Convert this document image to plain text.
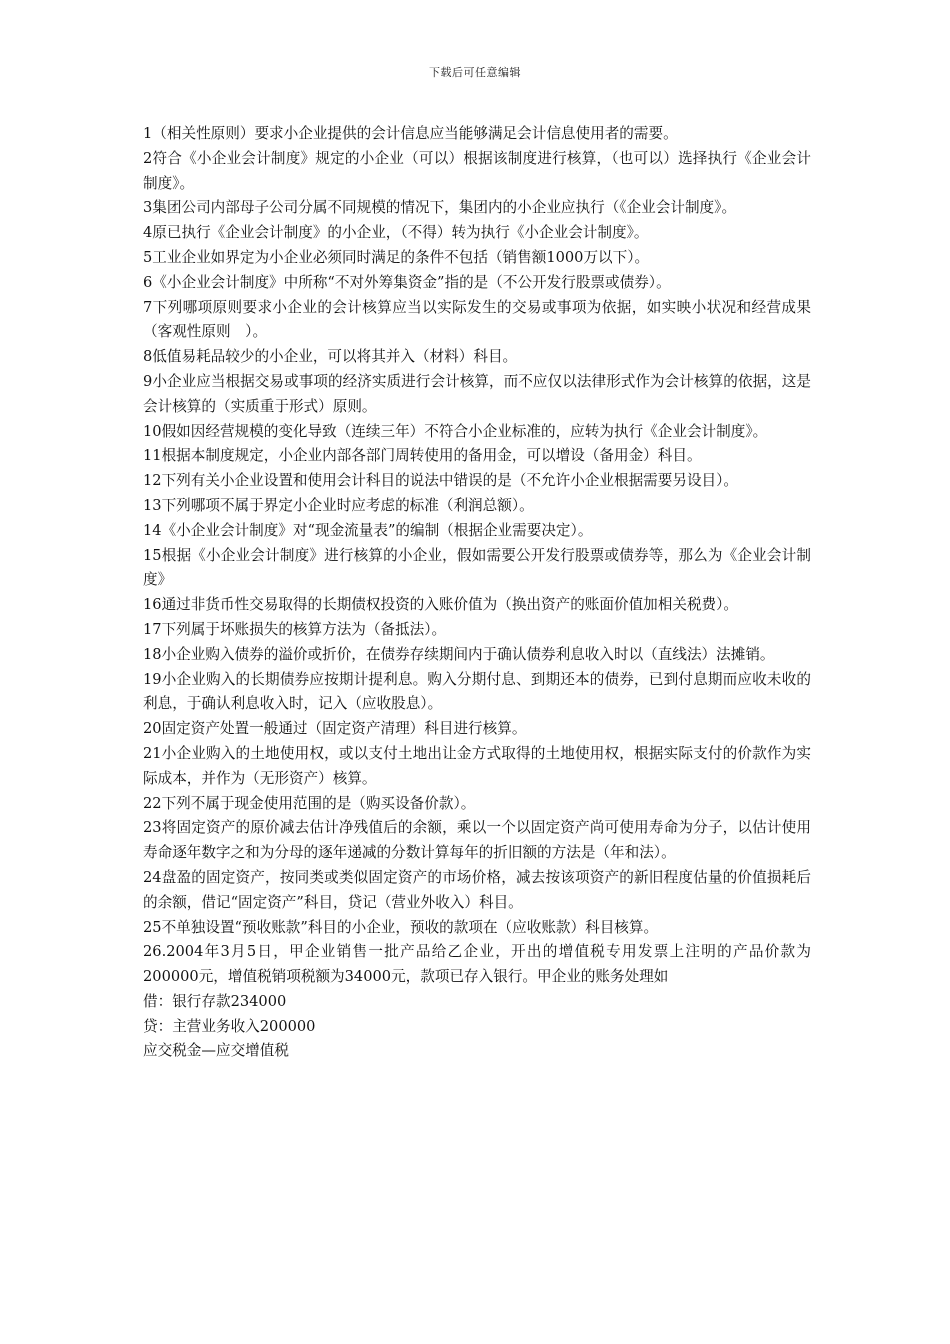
下载后可任意编辑

1（相关性原则）要求小企业提供的会计信息应当能够满足会计信息使用者的需要。

2符合《小企业会计制度》规定的小企业（可以）根据该制度进行核算，（也可以）选择执行《企业会计制度》。

3集团公司内部母子公司分属不同规模的情况下，集团内的小企业应执行（《企业会计制度》。

4原已执行《企业会计制度》的小企业，（不得）转为执行《小企业会计制度》。

5工业企业如界定为小企业必须同时满足的条件不包括（销售额1000万以下）。

6《小企业会计制度》中所称“不对外筹集资金”指的是（不公开发行股票或债券）。

7下列哪项原则要求小企业的会计核算应当以实际发生的交易或事项为依据，如实映小状况和经营成果（客观性原则　）。

8低值易耗品较少的小企业，可以将其并入（材料）科目。

9小企业应当根据交易或事项的经济实质进行会计核算，而不应仅以法律形式作为会计核算的依据，这是会计核算的（实质重于形式）原则。

10假如因经营规模的变化导致（连续三年）不符合小企业标准的，应转为执行《企业会计制度》。

11根据本制度规定，小企业内部各部门周转使用的备用金，可以增设（备用金）科目。

12下列有关小企业设置和使用会计科目的说法中错误的是（不允许小企业根据需要另设目）。

13下列哪项不属于界定小企业时应考虑的标准（利润总额）。

14《小企业会计制度》对“现金流量表”的编制（根据企业需要决定）。

15根据《小企业会计制度》进行核算的小企业，假如需要公开发行股票或债券等，那么为《企业会计制度》

16通过非货币性交易取得的长期债权投资的入账价值为（换出资产的账面价值加相关税费）。

17下列属于坏账损失的核算方法为（备抵法）。

18小企业购入债券的溢价或折价，在债券存续期间内于确认债券利息收入时以（直线法）法摊销。

19小企业购入的长期债券应按期计提利息。购入分期付息、到期还本的债券，已到付息期而应收未收的利息，于确认利息收入时，记入（应收股息）。

20固定资产处置一般通过（固定资产清理）科目进行核算。

21小企业购入的土地使用权，或以支付土地出让金方式取得的土地使用权，根据实际支付的价款作为实际成本，并作为（无形资产）核算。

22下列不属于现金使用范围的是（购买设备价款）。

23将固定资产的原价减去估计净残值后的余额，乘以一个以固定资产尚可使用寿命为分子，以估计使用寿命逐年数字之和为分母的逐年递减的分数计算每年的折旧额的方法是（年和法）。

24盘盈的固定资产，按同类或类似固定资产的市场价格，减去按该项资产的新旧程度估量的价值损耗后的余额，借记“固定资产”科目，贷记（营业外收入）科目。

25不单独设置“预收账款”科目的小企业，预收的款项在（应收账款）科目核算。

26.2004年3月5日，甲企业销售一批产品给乙企业，开出的增值税专用发票上注明的产品价款为200000元，增值税销项税额为34000元，款项已存入银行。甲企业的账务处理如

借：银行存款234000

贷：主营业务收入200000

应交税金—应交增值税
